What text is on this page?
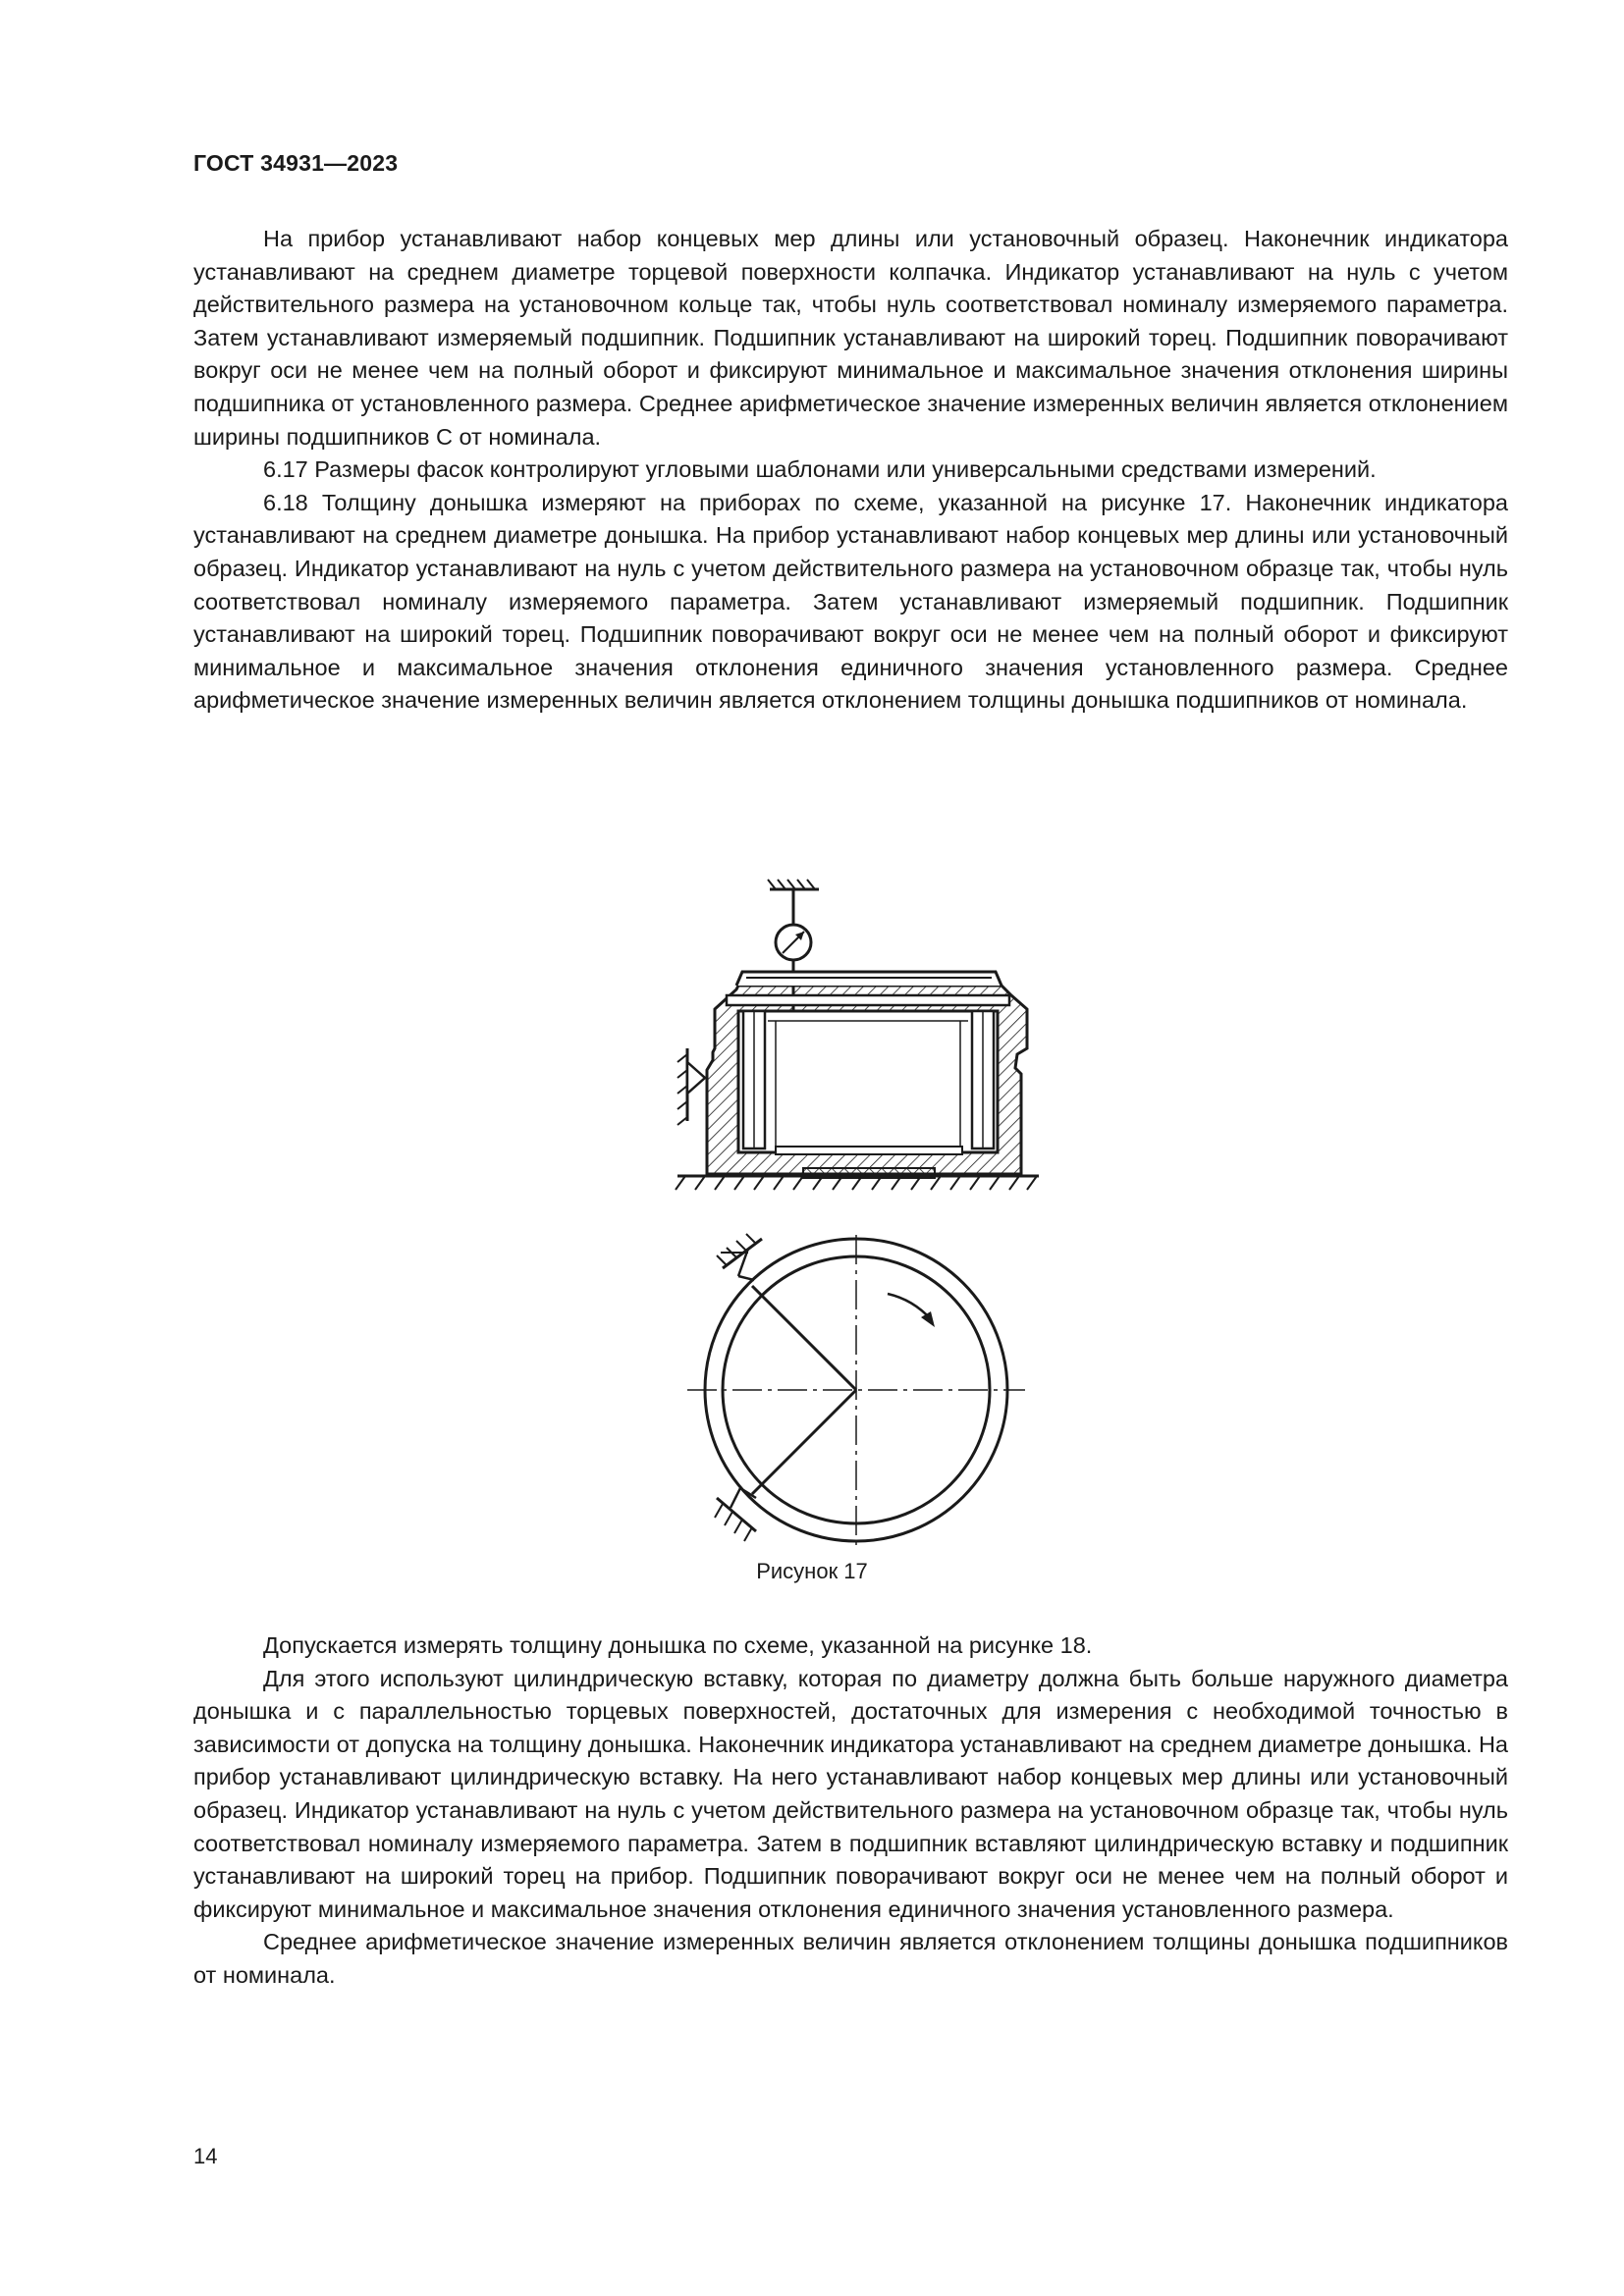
ГОСТ 34931—2023

На прибор устанавливают набор концевых мер длины или установочный образец. Наконечник индикатора устанавливают на среднем диаметре торцевой поверхности колпачка. Индикатор устанавливают на нуль с учетом действительного размера на установочном кольце так, чтобы нуль соответствовал номиналу измеряемого параметра. Затем устанавливают измеряемый подшипник. Подшипник устанавливают на широкий торец. Подшипник поворачивают вокруг оси не менее чем на полный оборот и фиксируют минимальное и максимальное значения отклонения ширины подшипника от установленного размера. Среднее арифметическое значение измеренных величин является отклонением ширины подшипников С от номинала.

6.17 Размеры фасок контролируют угловыми шаблонами или универсальными средствами измерений.

6.18 Толщину донышка измеряют на приборах по схеме, указанной на рисунке 17. Наконечник индикатора устанавливают на среднем диаметре донышка. На прибор устанавливают набор концевых мер длины или установочный образец. Индикатор устанавливают на нуль с учетом действительного размера на установочном образце так, чтобы нуль соответствовал номиналу измеряемого параметра. Затем устанавливают измеряемый подшипник. Подшипник устанавливают на широкий торец. Подшипник поворачивают вокруг оси не менее чем на полный оборот и фиксируют минимальное и максимальное значения отклонения единичного значения установленного размера. Среднее арифметическое значение измеренных величин является отклонением толщины донышка подшипников от номинала.

Рисунок 17

Допускается измерять толщину донышка по схеме, указанной на рисунке 18.

Для этого используют цилиндрическую вставку, которая по диаметру должна быть больше наружного диаметра донышка и с параллельностью торцевых поверхностей, достаточных для измерения с необходимой точностью в зависимости от допуска на толщину донышка. Наконечник индикатора устанавливают на среднем диаметре донышка. На прибор устанавливают цилиндрическую вставку. На него устанавливают набор концевых мер длины или установочный образец. Индикатор устанавливают на нуль с учетом действительного размера на установочном образце так, чтобы нуль соответствовал номиналу измеряемого параметра. Затем в подшипник вставляют цилиндрическую вставку и подшипник устанавливают на широкий торец на прибор. Подшипник поворачивают вокруг оси не менее чем на полный оборот и фиксируют минимальное и максимальное значения отклонения единичного значения установленного размера.

Среднее арифметическое значение измеренных величин является отклонением толщины донышка подшипников от номинала.

14
